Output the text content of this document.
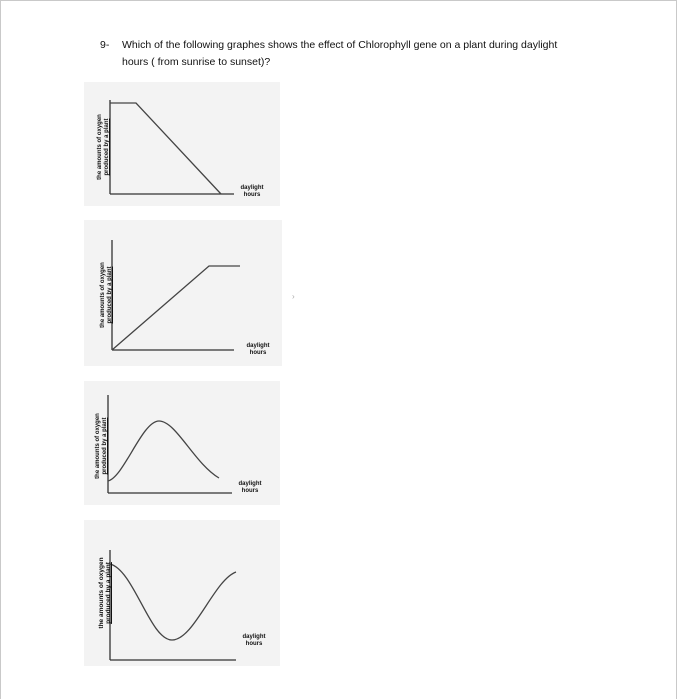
9- Which of the following graphes shows the effect of Chlorophyll gene on a plant during daylight
hours ( from sunrise to sunset)?
›
the amounts of oxygen produced by a plant
daylight
hours
the amounts of oxygen produced by a plant
daylight
hours
the amounts of oxygen produced by a plant
daylight
hours
the amounts of oxygen produced by a plant
daylight
hours
